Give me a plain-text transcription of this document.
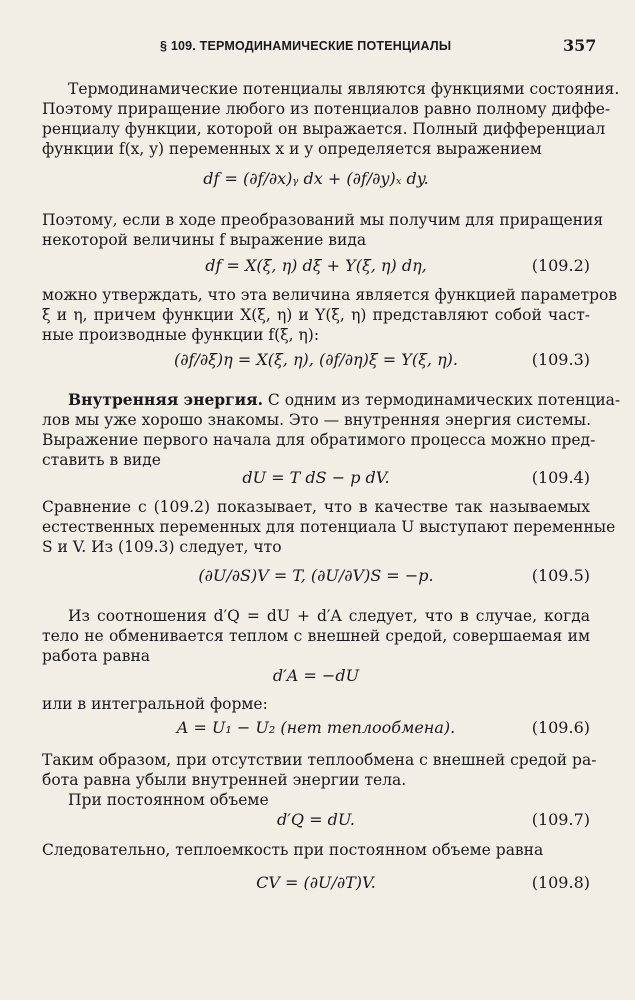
§ 109. ТЕРМОДИНАМИЧЕСКИЕ ПОТЕНЦИАЛЫ	357
Термодинамические потенциалы являются функциями состояния.
Поэтому приращение любого из потенциалов равно полному диффе-
ренциалу функции, которой он выражается. Полный дифференциал
функции f(x, y) переменных x и y определяется выражением
df = (∂f/∂x)ᵧ dx + (∂f/∂y)ₓ dy.
Поэтому, если в ходе преобразований мы получим для приращения
некоторой величины f выражение вида
df = X(ξ, η) dξ + Y(ξ, η) dη,	(109.2)
можно утверждать, что эта величина является функцией параметров
ξ и η, причем функции X(ξ, η) и Y(ξ, η) представляют собой част-
ные производные функции f(ξ, η):
(∂f/∂ξ)η = X(ξ, η), (∂f/∂η)ξ = Y(ξ, η).	(109.3)
Внутренняя энергия. С одним из термодинамических потенциа-
лов мы уже хорошо знакомы. Это — внутренняя энергия системы.
Выражение первого начала для обратимого процесса можно пред-
ставить в виде
dU = T dS − p dV.	(109.4)
Сравнение с (109.2) показывает, что в качестве так называемых
естественных переменных для потенциала U выступают переменные
S и V. Из (109.3) следует, что
(∂U/∂S)V = T, (∂U/∂V)S = −p.	(109.5)
Из соотношения d′Q = dU + d′A следует, что в случае, когда
тело не обменивается теплом с внешней средой, совершаемая им
работа равна
d′A = −dU
или в интегральной форме:
A = U₁ − U₂ (нет теплообмена).	(109.6)
Таким образом, при отсутствии теплообмена с внешней средой ра-
бота равна убыли внутренней энергии тела.
При постоянном объеме
d′Q = dU.	(109.7)
Следовательно, теплоемкость при постоянном объеме равна
CV = (∂U/∂T)V.	(109.8)
